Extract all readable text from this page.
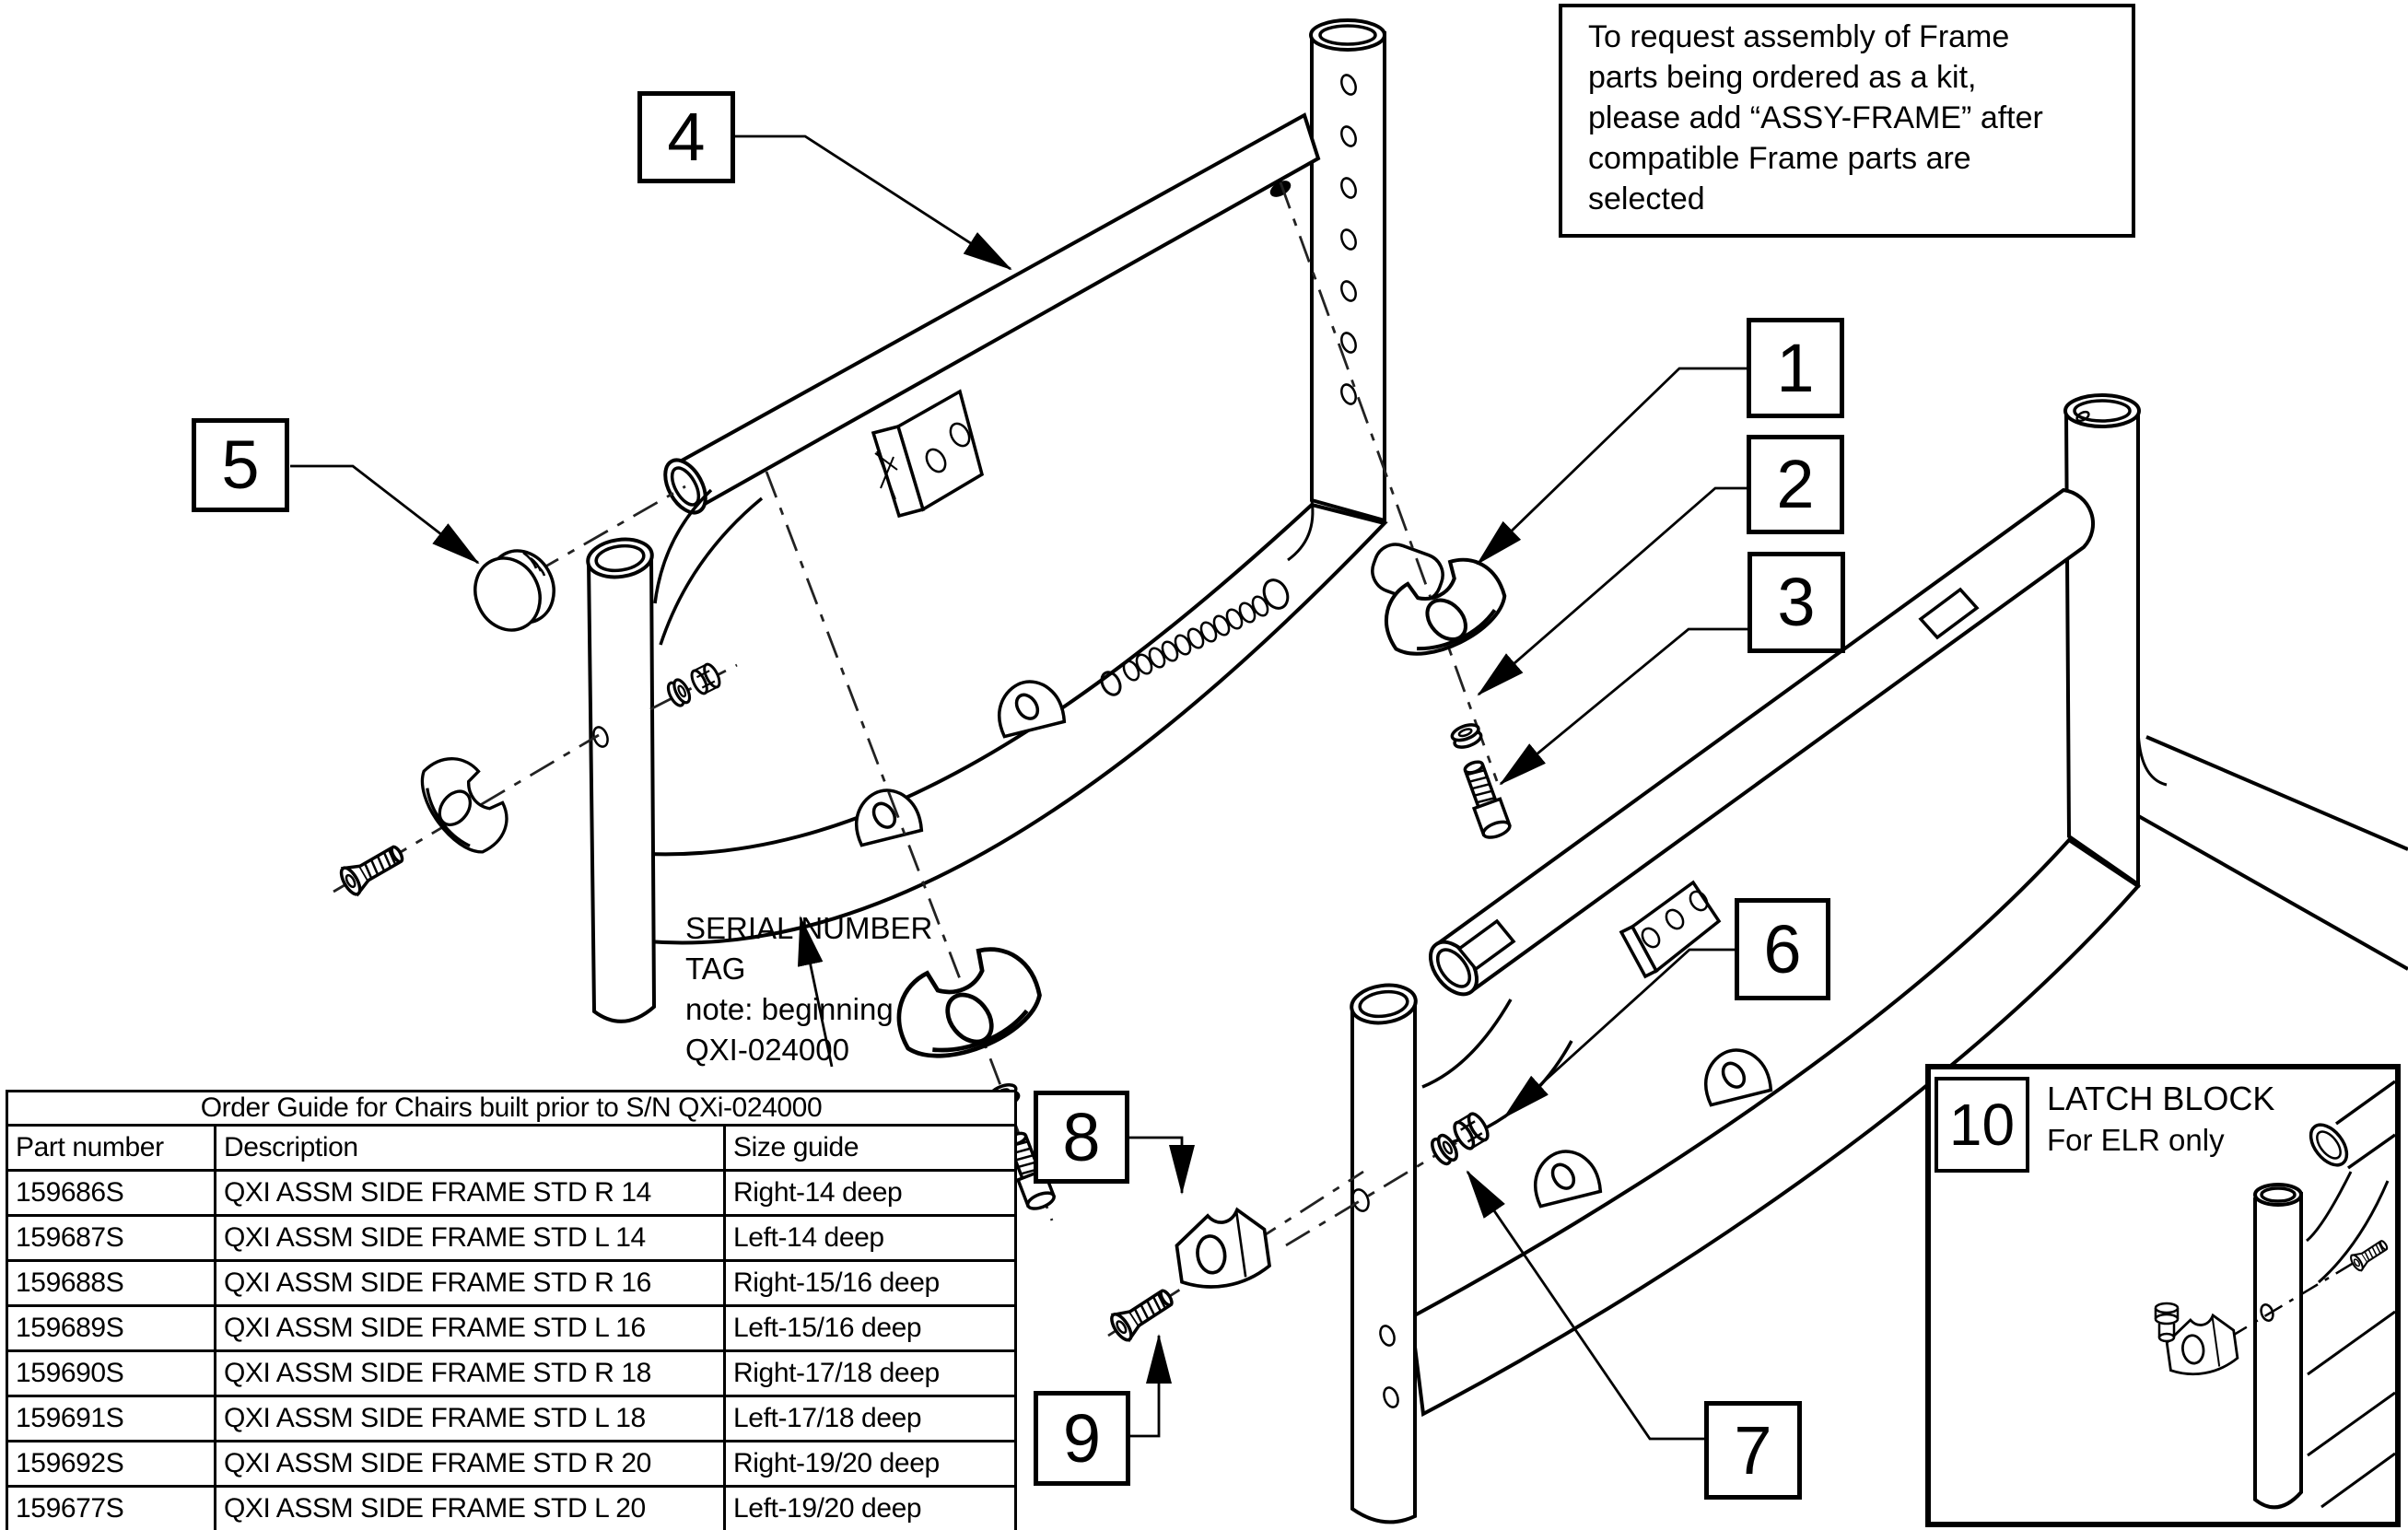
To request assembly of Frame
parts being ordered as a kit,
please add “ASSY-FRAME” after
compatible Frame parts are
selected
SERIAL NUMBER
TAG
note: beginning
QXI-024000
1
2
3
4
5
6
7
8
9
10 LATCH BLOCK
For ELR only
Order Guide for Chairs built prior to S/N QXi-024000		
Part number	Description	Size guide
159686S	QXI ASSM SIDE FRAME STD R 14	Right-14 deep
159687S	QXI ASSM SIDE FRAME STD L 14	Left-14 deep
159688S	QXI ASSM SIDE FRAME STD R 16	Right-15/16 deep
159689S	QXI ASSM SIDE FRAME STD L 16	Left-15/16 deep
159690S	QXI ASSM SIDE FRAME STD R 18	Right-17/18 deep
159691S	QXI ASSM SIDE FRAME STD L 18	Left-17/18 deep
159692S	QXI ASSM SIDE FRAME STD R 20	Right-19/20 deep
159677S	QXI ASSM SIDE FRAME STD L 20	Left-19/20 deep
